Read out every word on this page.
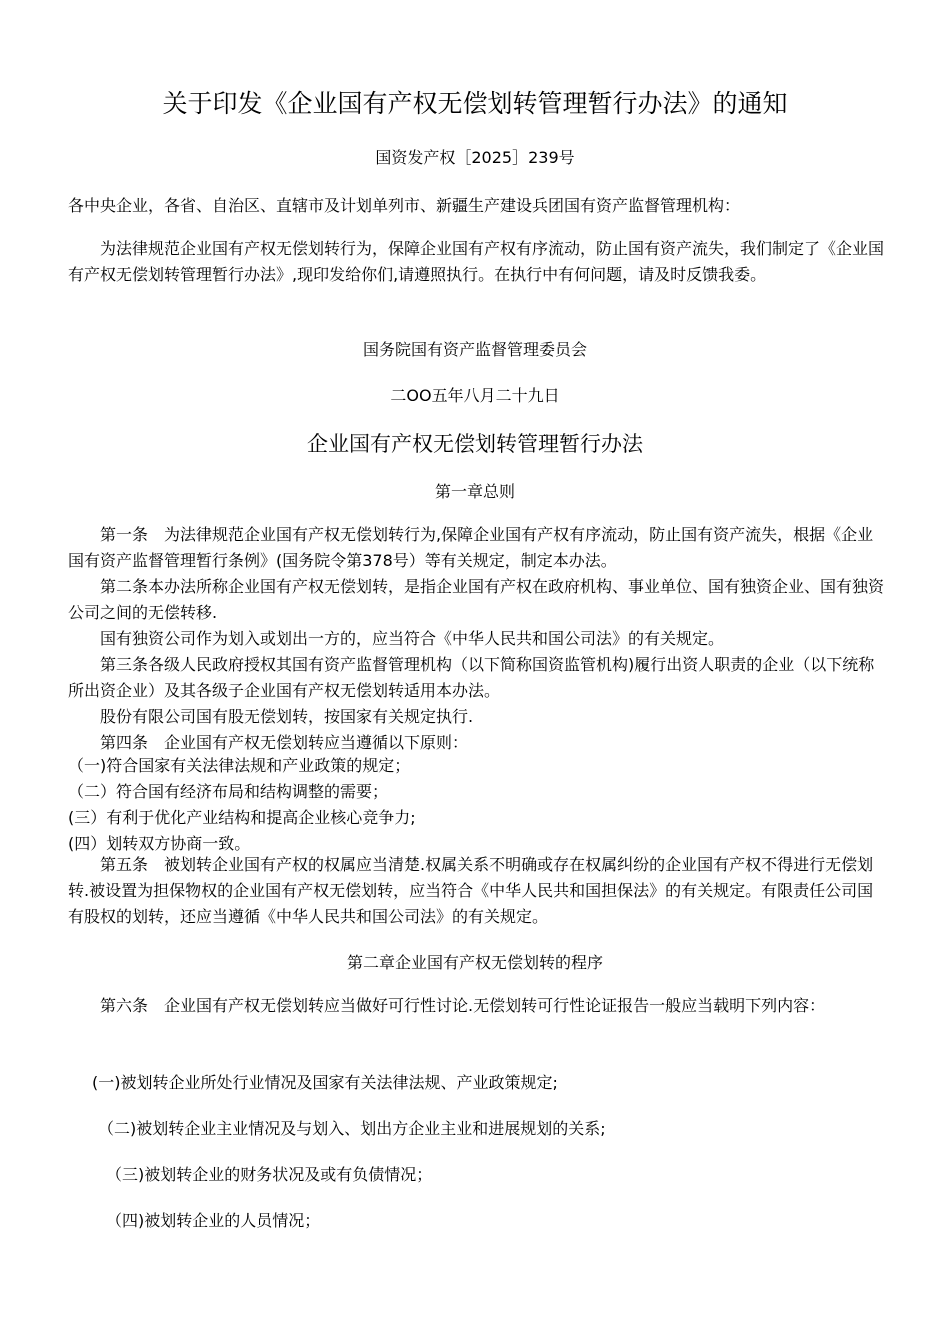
关于印发《企业国有产权无偿划转管理暂行办法》的通知
国资发产权［2025］239号
各中央企业，各省、自治区、直辖市及计划单列市、新疆生产建设兵团国有资产监督管理机构：

为法律规范企业国有产权无偿划转行为，保障企业国有产权有序流动，防止国有资产流失，我们制定了《企业国有产权无偿划转管理暂行办法》,现印发给你们,请遵照执行。在执行中有何问题，请及时反馈我委。

国务院国有资产监督管理委员会
二OO五年八月二十九日
企业国有产权无偿划转管理暂行办法
第一章总则

第一条　为法律规范企业国有产权无偿划转行为,保障企业国有产权有序流动，防止国有资产流失，根据《企业国有资产监督管理暂行条例》(国务院令第378号）等有关规定，制定本办法。

第二条本办法所称企业国有产权无偿划转，是指企业国有产权在政府机构、事业单位、国有独资企业、国有独资公司之间的无偿转移.

国有独资公司作为划入或划出一方的，应当符合《中华人民共和国公司法》的有关规定。

第三条各级人民政府授权其国有资产监督管理机构（以下简称国资监管机构)履行出资人职责的企业（以下统称所出资企业）及其各级子企业国有产权无偿划转适用本办法。

股份有限公司国有股无偿划转，按国家有关规定执行.

第四条　企业国有产权无偿划转应当遵循以下原则：

（一)符合国家有关法律法规和产业政策的规定；
（二）符合国有经济布局和结构调整的需要；
(三）有利于优化产业结构和提高企业核心竞争力;
(四）划转双方协商一致。

第五条　被划转企业国有产权的权属应当清楚.权属关系不明确或存在权属纠纷的企业国有产权不得进行无偿划转.被设置为担保物权的企业国有产权无偿划转，应当符合《中华人民共和国担保法》的有关规定。有限责任公司国有股权的划转，还应当遵循《中华人民共和国公司法》的有关规定。

第二章企业国有产权无偿划转的程序

第六条　企业国有产权无偿划转应当做好可行性讨论.无偿划转可行性论证报告一般应当载明下列内容：

(一)被划转企业所处行业情况及国家有关法律法规、产业政策规定;
（二)被划转企业主业情况及与划入、划出方企业主业和进展规划的关系;
（三)被划转企业的财务状况及或有负债情况；
（四)被划转企业的人员情况；
